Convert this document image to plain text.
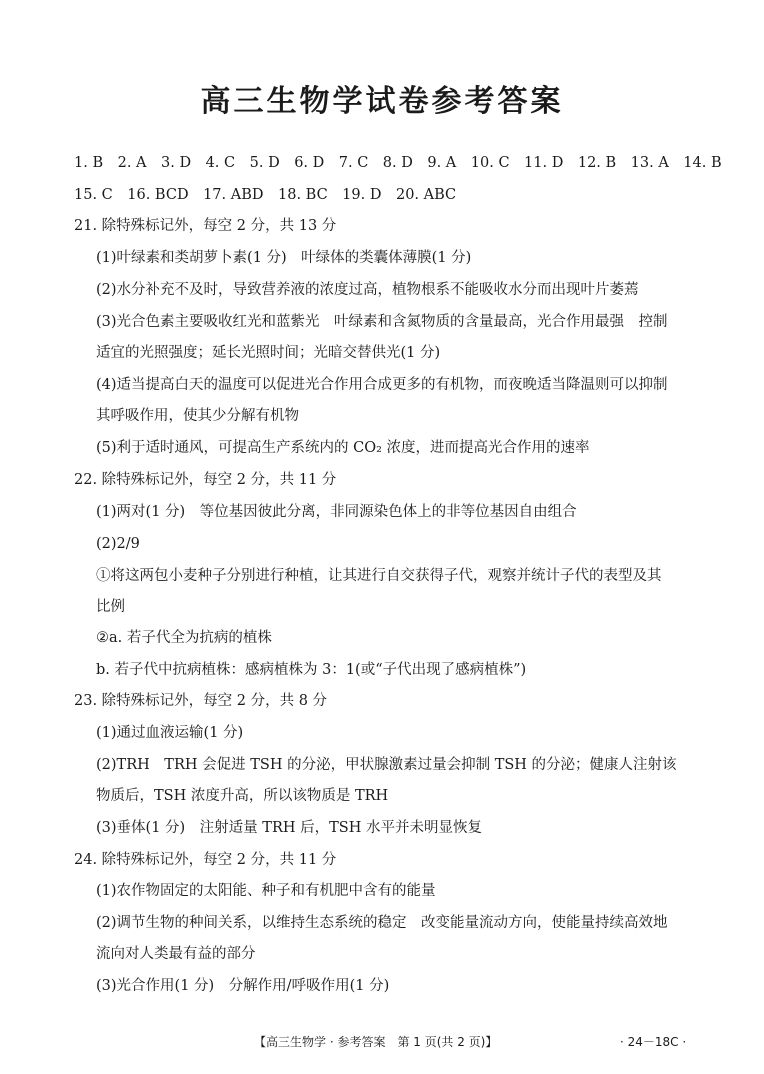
高三生物学试卷参考答案
1. B　2. A　3. D　4. C　5. D　6. D　7. C　8. D　9. A　10. C　11. D　12. B　13. A　14. B
15. C　16. BCD　17. ABD　18. BC　19. D　20. ABC
21. 除特殊标记外，每空 2 分，共 13 分
(1)叶绿素和类胡萝卜素(1 分)　叶绿体的类囊体薄膜(1 分)
(2)水分补充不及时，导致营养液的浓度过高，植物根系不能吸收水分而出现叶片萎蔫
(3)光合色素主要吸收红光和蓝紫光　叶绿素和含氮物质的含量最高，光合作用最强　控制
适宜的光照强度；延长光照时间；光暗交替供光(1 分)
(4)适当提高白天的温度可以促进光合作用合成更多的有机物，而夜晚适当降温则可以抑制
其呼吸作用，使其少分解有机物
(5)利于适时通风，可提高生产系统内的 CO₂ 浓度，进而提高光合作用的速率
22. 除特殊标记外，每空 2 分，共 11 分
(1)两对(1 分)　等位基因彼此分离，非同源染色体上的非等位基因自由组合
(2)2/9
①将这两包小麦种子分别进行种植，让其进行自交获得子代，观察并统计子代的表型及其
比例
②a. 若子代全为抗病的植株
b. 若子代中抗病植株：感病植株为 3：1(或“子代出现了感病植株”)
23. 除特殊标记外，每空 2 分，共 8 分
(1)通过血液运输(1 分)
(2)TRH　TRH 会促进 TSH 的分泌，甲状腺激素过量会抑制 TSH 的分泌；健康人注射该
物质后，TSH 浓度升高，所以该物质是 TRH
(3)垂体(1 分)　注射适量 TRH 后，TSH 水平并未明显恢复
24. 除特殊标记外，每空 2 分，共 11 分
(1)农作物固定的太阳能、种子和有机肥中含有的能量
(2)调节生物的种间关系，以维持生态系统的稳定　改变能量流动方向，使能量持续高效地
流向对人类最有益的部分
(3)光合作用(1 分)　分解作用/呼吸作用(1 分)
【高三生物学 · 参考答案　第 1 页(共 2 页)】	· 24－18C ·
